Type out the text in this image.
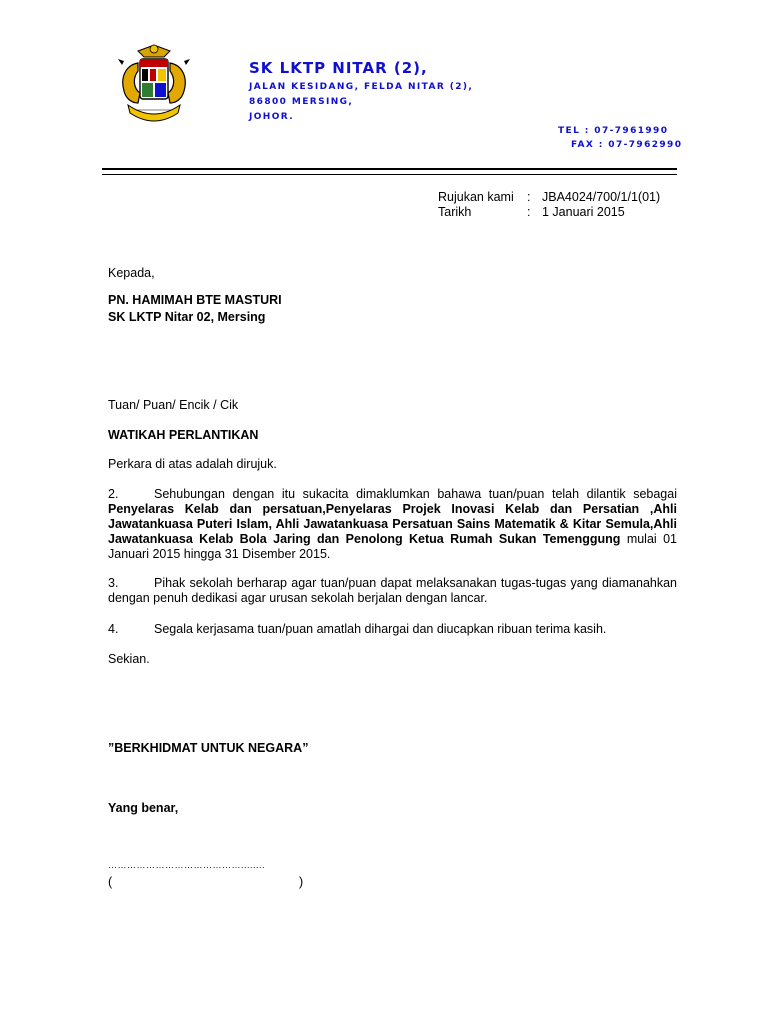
SK LKTP NITAR (2),
JALAN KESIDANG, FELDA NITAR (2),
86800 MERSING,
JOHOR.
TEL : 07-7961990
FAX : 07-7962990
Rujukan kami : JBA4024/700/1/1(01)
Tarikh	: 1 Januari 2015
Kepada,
PN. HAMIMAH BTE MASTURI
SK LKTP Nitar 02, Mersing
Tuan/ Puan/ Encik / Cik
WATIKAH PERLANTIKAN
Perkara di atas adalah dirujuk.
2.	Sehubungan dengan itu sukacita dimaklumkan bahawa tuan/puan telah dilantik sebagai Penyelaras Kelab dan persatuan,Penyelaras Projek Inovasi Kelab dan Persatian ,Ahli Jawatankuasa Puteri Islam, Ahli Jawatankuasa Persatuan Sains Matematik & Kitar Semula,Ahli Jawatankuasa Kelab Bola Jaring dan Penolong Ketua Rumah Sukan Temenggung mulai 01 Januari 2015 hingga 31 Disember 2015.
3.	Pihak sekolah berharap agar tuan/puan dapat melaksanakan tugas-tugas yang diamanahkan dengan penuh dedikasi agar urusan sekolah berjalan dengan lancar.
4.	Segala kerjasama tuan/puan amatlah dihargai dan diucapkan ribuan terima kasih.
Sekian.
”BERKHIDMAT UNTUK NEGARA”
Yang benar,
……………………………………........
(	)
